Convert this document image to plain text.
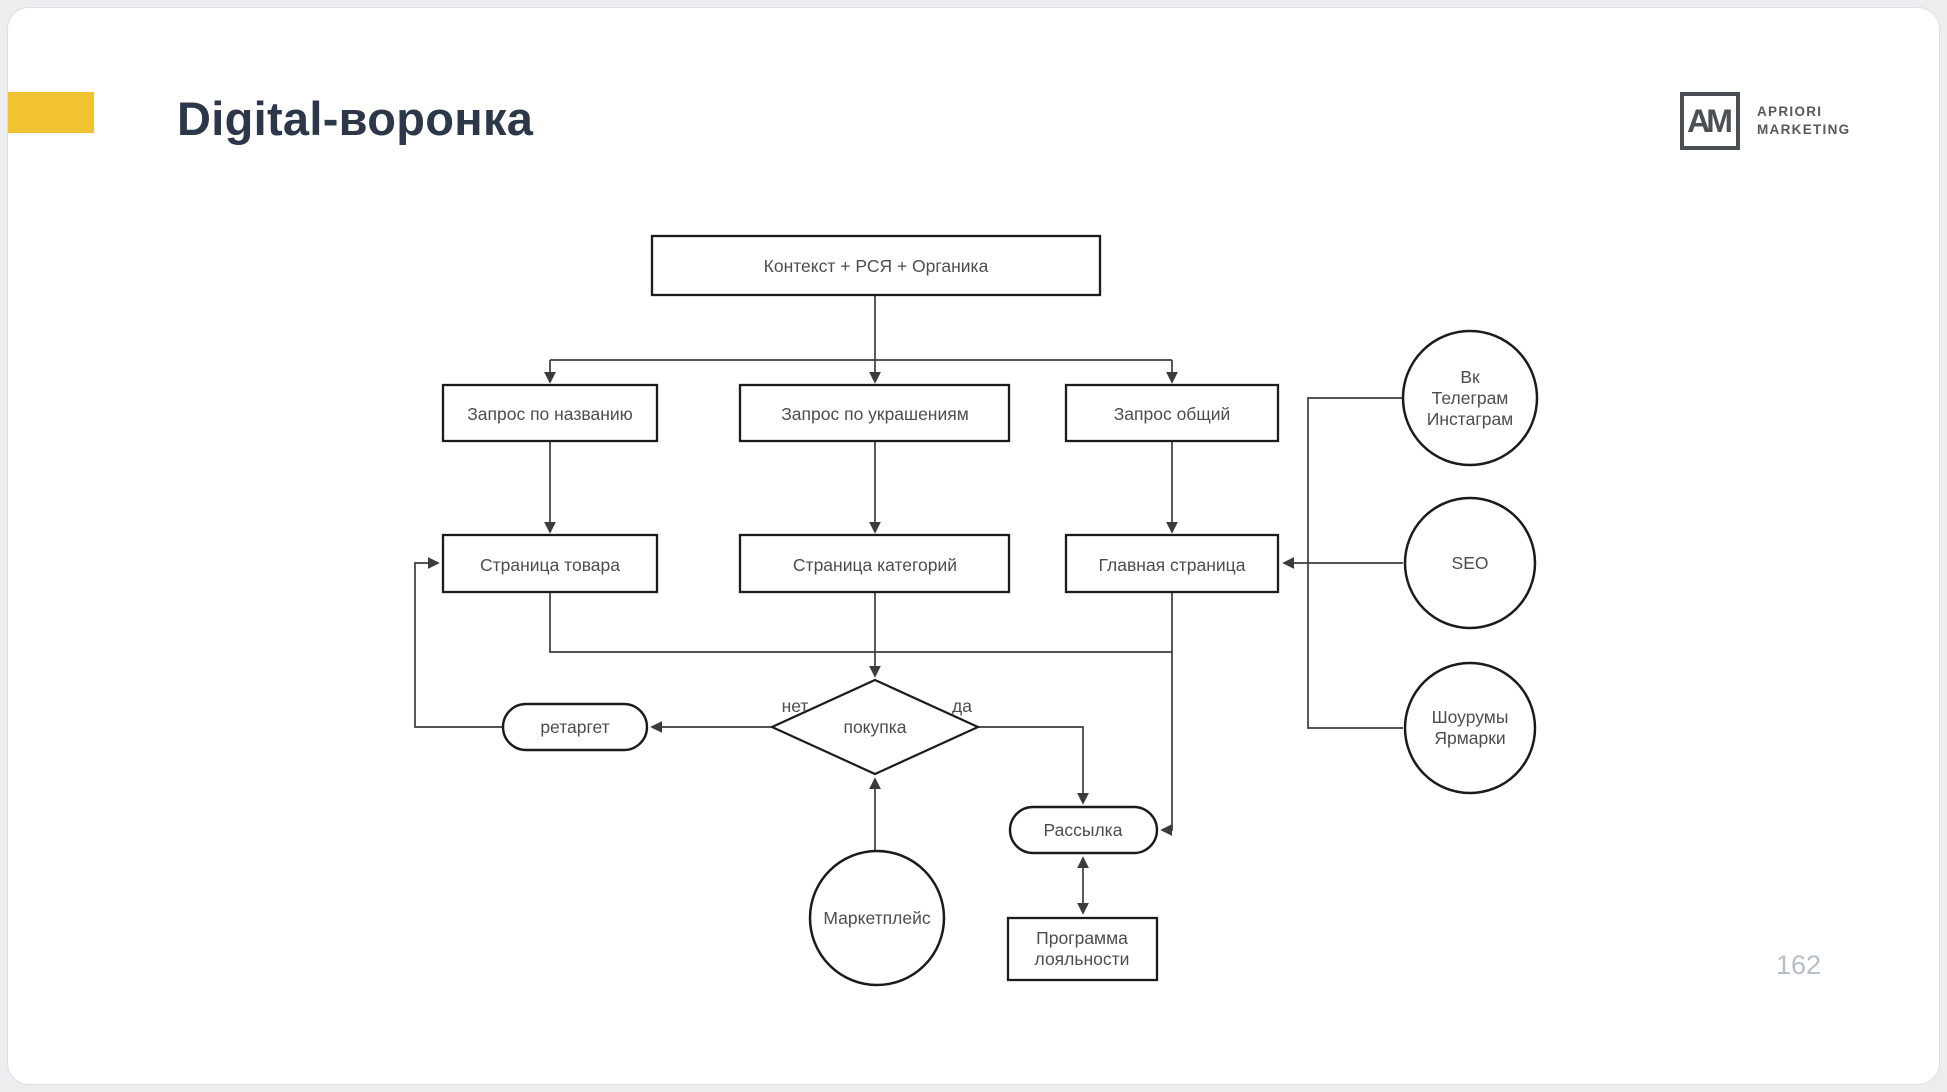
Digital-воронка	AM	APRIORI
MARKETING
Контекст + РСЯ + Органика
Запрос по названию	Запрос по украшениям	Запрос общий
Страница товара	Страница категорий	Главная страница
покупка
нет	да
ретаргет
Маркетплейс
Рассылка
Программа
лояльности
Вк
Телеграм
Инстаграм
SEO
Шоурумы
Ярмарки
162
